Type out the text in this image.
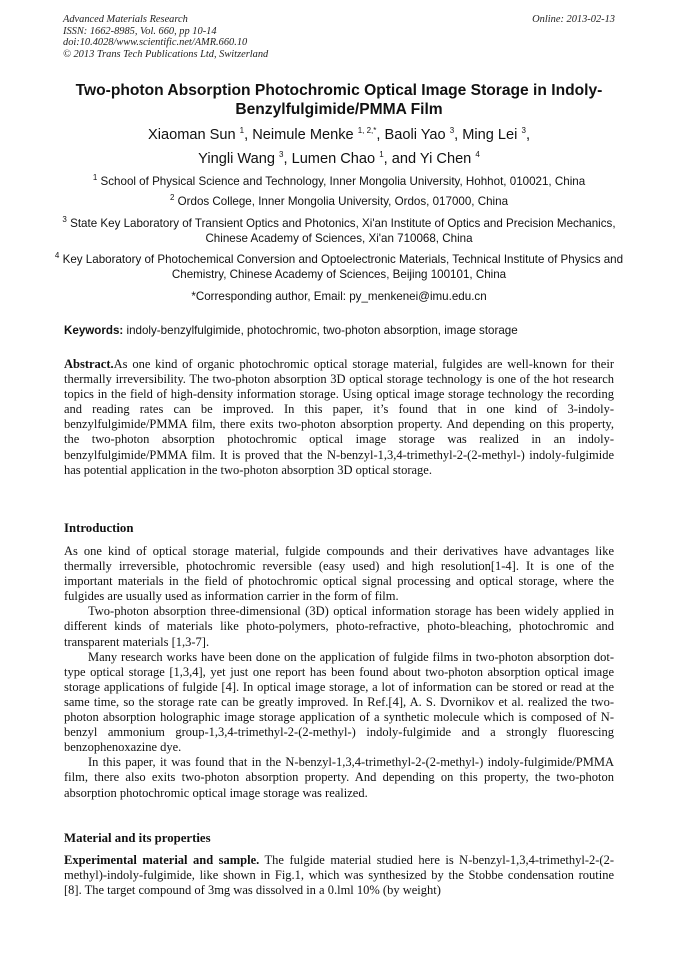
Advanced Materials Research
ISSN: 1662-8985, Vol. 660, pp 10-14
doi:10.4028/www.scientific.net/AMR.660.10
© 2013 Trans Tech Publications Ltd, Switzerland
Online: 2013-02-13
Two-photon Absorption Photochromic Optical Image Storage in Indoly-Benzylfulgimide/PMMA Film
Xiaoman Sun $^1$, Neimule Menke $^{1, 2,*}$, Baoli Yao $^3$, Ming Lei $^3$,
Yingli Wang $^3$, Lumen Chao $^1$, and Yi Chen $^4$
$^1$ School of Physical Science and Technology, Inner Mongolia University, Hohhot, 010021, China
$^2$ Ordos College, Inner Mongolia University, Ordos, 017000, China
$^3$ State Key Laboratory of Transient Optics and Photonics, Xi'an Institute of Optics and Precision Mechanics, Chinese Academy of Sciences, Xi'an 710068, China
$^4$ Key Laboratory of Photochemical Conversion and Optoelectronic Materials, Technical Institute of Physics and Chemistry, Chinese Academy of Sciences, Beijing 100101, China
*Corresponding author, Email: py_menkenei@imu.edu.cn
Keywords: indoly-benzylfulgimide, photochromic, two-photon absorption, image storage

Abstract.As one kind of organic photochromic optical storage material, fulgides are well-known for their thermally irreversibility. The two-photon absorption 3D optical storage technology is one of the hot research topics in the field of high-density information storage. Using optical image storage technology the recording and reading rates can be improved. In this paper, it’s found that in one kind of 3-indoly-benzylfulgimide/PMMA film, there exits two-photon absorption property. And depending on this property, the two-photon absorption photochromic optical image storage was realized in an indoly-benzylfulgimide/PMMA film. It is proved that the N-benzyl-1,3,4-trimethyl-2-(2-methyl-) indoly-fulgimide has potential application in the two-photon absorption 3D optical storage.

Introduction

As one kind of optical storage material, fulgide compounds and their derivatives have advantages like thermally irreversible, photochromic reversible (easy used) and high resolution[1-4]. It is one of the important materials in the field of photochromic optical signal processing and optical storage, where the fulgides are usually used as information carrier in the form of film.

Two-photon absorption three-dimensional (3D) optical information storage has been widely applied in different kinds of materials like photo-polymers, photo-refractive, photo-bleaching, photochromic and transparent materials [1,3-7].

Many research works have been done on the application of fulgide films in two-photon absorption dot-type optical storage [1,3,4], yet just one report has been found about two-photon absorption optical image storage applications of fulgide [4]. In optical image storage, a lot of information can be stored or read at the same time, so the storage rate can be greatly improved. In Ref.[4], A. S. Dvornikov et al. realized the two-photon absorption holographic image storage application of a synthetic molecule which is composed of N-benzyl ammonium group-1,3,4-trimethyl-2-(2-methyl-) indoly-fulgimide and a strongly fluorescing benzophenoxazine dye.

In this paper, it was found that in the N-benzyl-1,3,4-trimethyl-2-(2-methyl-) indoly-fulgimide/PMMA film, there also exits two-photon absorption property. And depending on this property, the two-photon absorption photochromic optical image storage was realized.

Material and its properties

Experimental material and sample. The fulgide material studied here is N-benzyl-1,3,4-trimethyl-2-(2-methyl)-indoly-fulgimide, like shown in Fig.1, which was synthesized by the Stobbe condensation routine [8]. The target compound of 3mg was dissolved in a 0.lml 10% (by weight)
